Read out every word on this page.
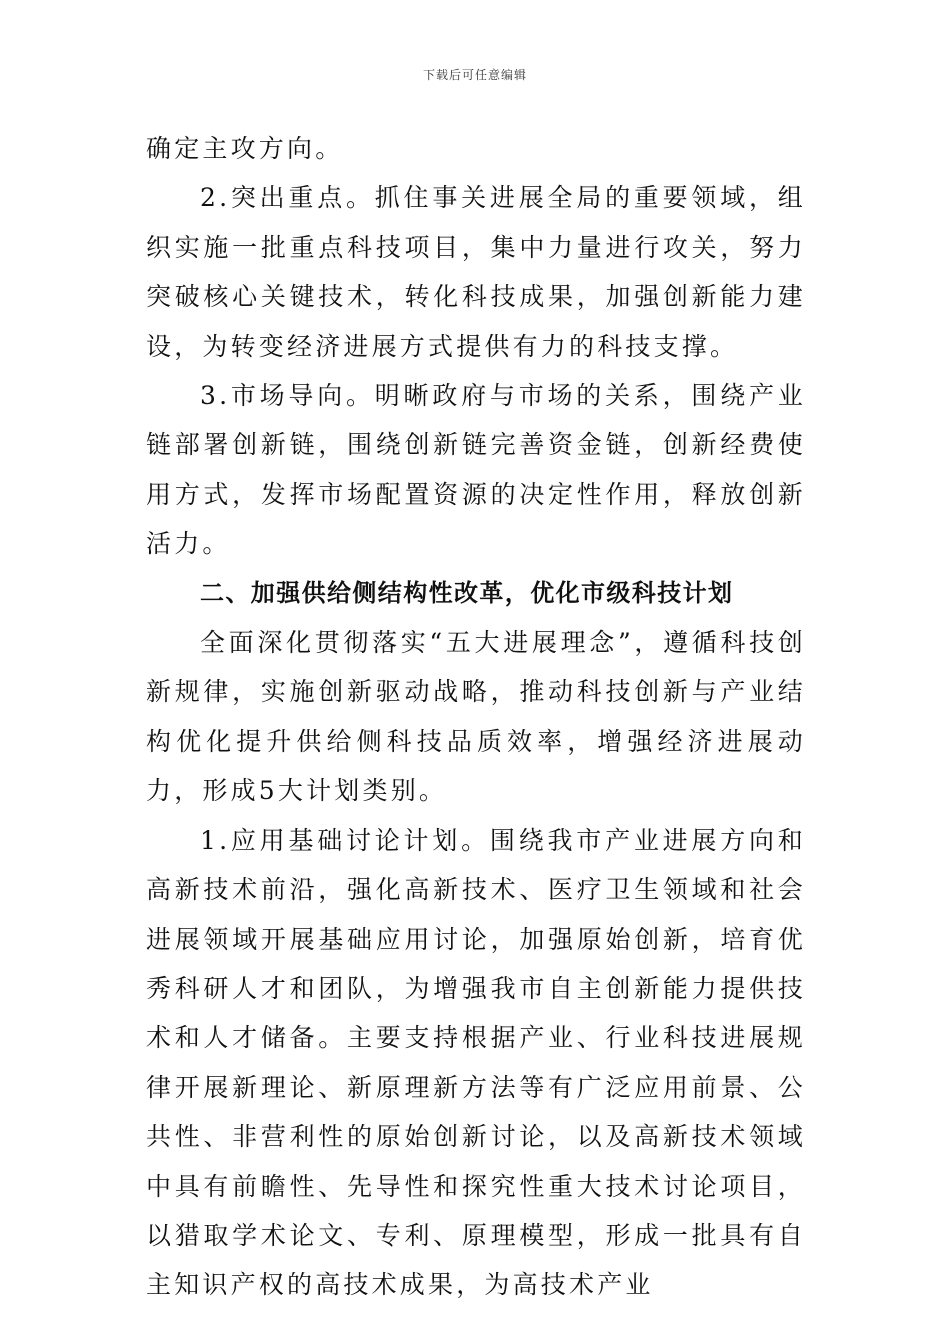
下载后可任意编辑

确定主攻方向。

2.突出重点。抓住事关进展全局的重要领域，组织实施一批重点科技项目，集中力量进行攻关，努力突破核心关键技术，转化科技成果，加强创新能力建设，为转变经济进展方式提供有力的科技支撑。

3.市场导向。明晰政府与市场的关系，围绕产业链部署创新链，围绕创新链完善资金链，创新经费使用方式，发挥市场配置资源的决定性作用，释放创新活力。

二、加强供给侧结构性改革，优化市级科技计划

全面深化贯彻落实“五大进展理念”，遵循科技创新规律，实施创新驱动战略，推动科技创新与产业结构优化提升供给侧科技品质效率，增强经济进展动力，形成5大计划类别。

1.应用基础讨论计划。围绕我市产业进展方向和高新技术前沿，强化高新技术、医疗卫生领域和社会进展领域开展基础应用讨论，加强原始创新，培育优秀科研人才和团队，为增强我市自主创新能力提供技术和人才储备。主要支持根据产业、行业科技进展规律开展新理论、新原理新方法等有广泛应用前景、公共性、非营利性的原始创新讨论，以及高新技术领域中具有前瞻性、先导性和探究性重大技术讨论项目，以猎取学术论文、专利、原理模型，形成一批具有自主知识产权的高技术成果，为高技术产业
